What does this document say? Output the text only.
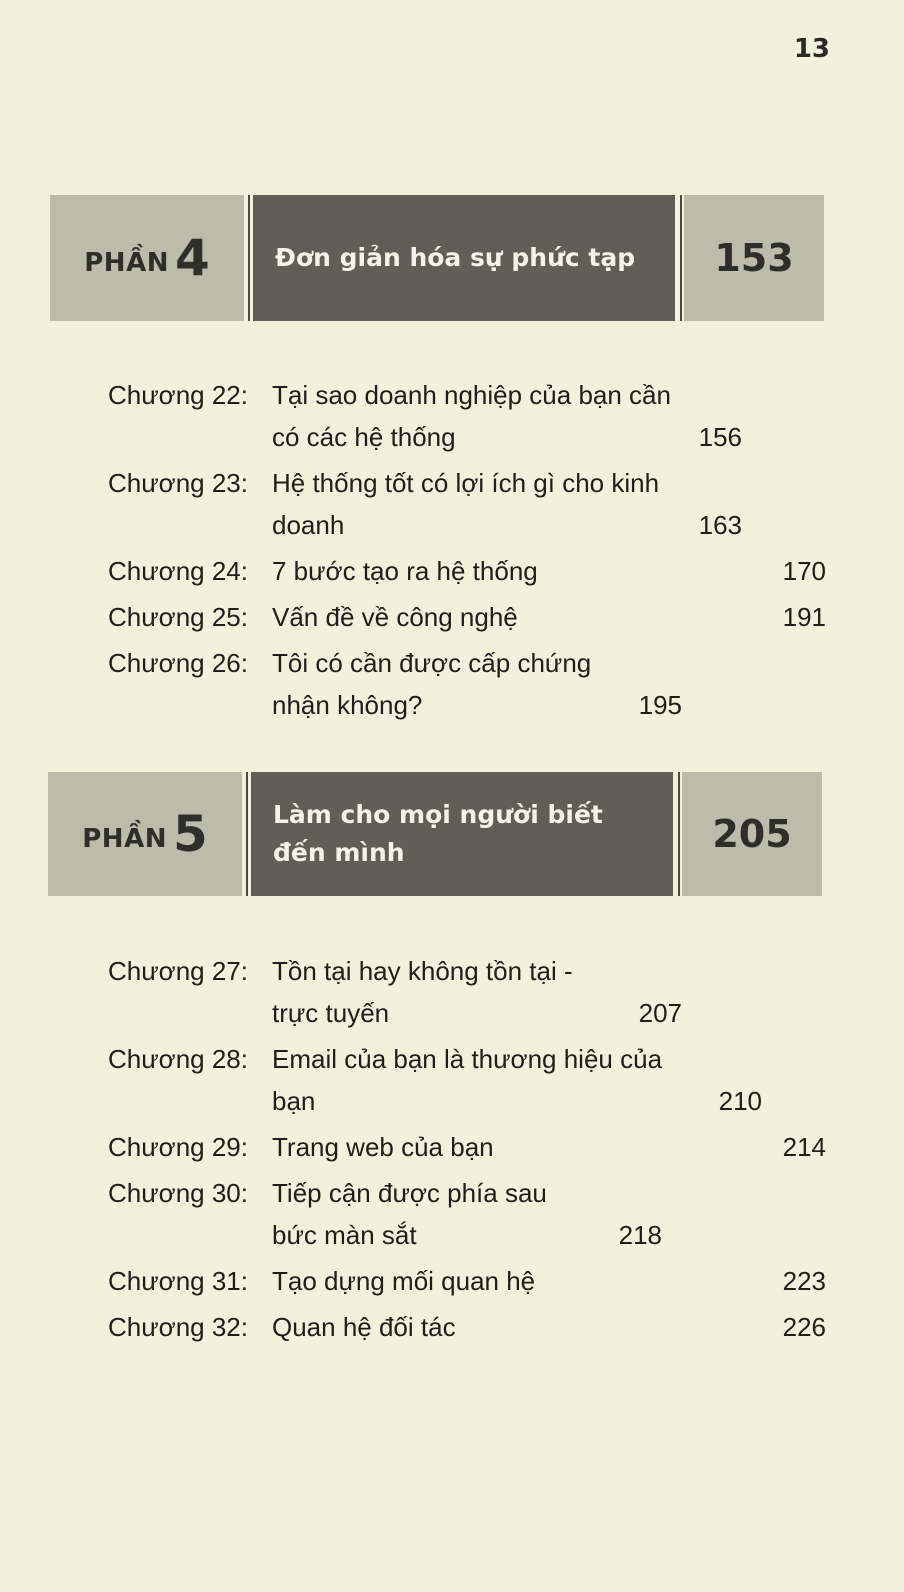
13
PHẦN 4	Đơn giản hóa sự phức tạp 153
Chương 22: Tại sao doanh nghiệp của bạn cần có các hệ thống	156
Chương 23: Hệ thống tốt có lợi ích gì cho kinh doanh	163
Chương 24: 7 bước tạo ra hệ thống	170
Chương 25: Vấn đề về công nghệ	191
Chương 26: Tôi có cần được cấp chứng nhận không?	195
PHẦN 5	Làm cho mọi người biết đến mình	205
Chương 27: Tồn tại hay không tồn tại - trực tuyến	207
Chương 28: Email của bạn là thương hiệu của bạn	210
Chương 29: Trang web của bạn	214
Chương 30: Tiếp cận được phía sau bức màn sắt	218
Chương 31: Tạo dựng mối quan hệ	223
Chương 32: Quan hệ đối tác	226
